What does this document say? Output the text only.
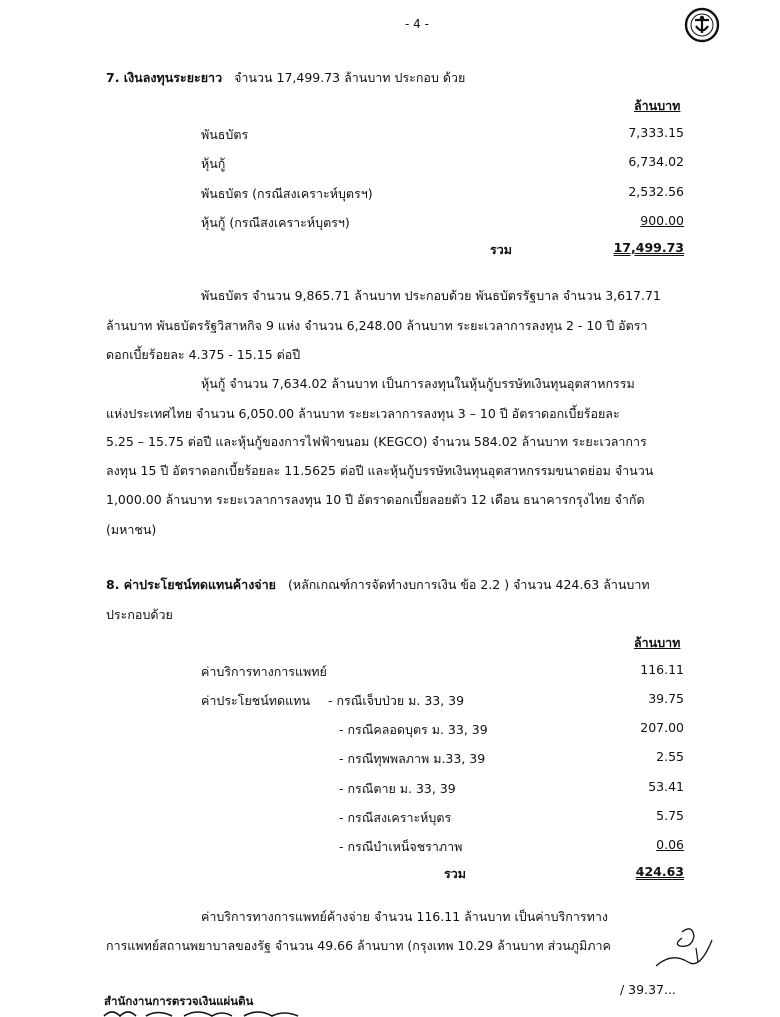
- 4 -
7. เงินลงทุนระยะยาว จำนวน 17,499.73 ล้านบาท ประกอบ ด้วย
ล้านบาท
พันธบัตร	7,333.15
หุ้นกู้	6,734.02
พันธบัตร (กรณีสงเคราะห์บุตรฯ)	2,532.56
หุ้นกู้ (กรณีสงเคราะห์บุตรฯ)	900.00
รวม	17,499.73
พันธบัตร จำนวน 9,865.71 ล้านบาท ประกอบด้วย พันธบัตรรัฐบาล จำนวน 3,617.71
ล้านบาท พันธบัตรรัฐวิสาหกิจ 9 แห่ง จำนวน 6,248.00 ล้านบาท ระยะเวลาการลงทุน 2 - 10 ปี อัตรา
ดอกเบี้ยร้อยละ 4.375 - 15.15 ต่อปี
หุ้นกู้ จำนวน 7,634.02 ล้านบาท เป็นการลงทุนในหุ้นกู้บรรษัทเงินทุนอุตสาหกรรม
แห่งประเทศไทย จำนวน 6,050.00 ล้านบาท ระยะเวลาการลงทุน 3 – 10 ปี อัตราดอกเบี้ยร้อยละ
5.25 – 15.75 ต่อปี และหุ้นกู้ของการไฟฟ้าขนอม (KEGCO) จำนวน 584.02 ล้านบาท ระยะเวลาการ
ลงทุน 15 ปี อัตราดอกเบี้ยร้อยละ 11.5625 ต่อปี และหุ้นกู้บรรษัทเงินทุนอุตสาหกรรมขนาดย่อม จำนวน
1,000.00 ล้านบาท ระยะเวลาการลงทุน 10 ปี อัตราดอกเบี้ยลอยตัว 12 เดือน ธนาคารกรุงไทย จำกัด
(มหาชน)
8. ค่าประโยชน์ทดแทนค้างจ่าย (หลักเกณฑ์การจัดทำงบการเงิน ข้อ 2.2 ) จำนวน 424.63 ล้านบาท
ประกอบด้วย
ล้านบาท
ค่าบริการทางการแพทย์	116.11
ค่าประโยชน์ทดแทน - กรณีเจ็บป่วย ม. 33, 39	39.75
- กรณีคลอดบุตร ม. 33, 39	207.00
- กรณีทุพพลภาพ ม.33, 39	2.55
- กรณีตาย ม. 33, 39	53.41
- กรณีสงเคราะห์บุตร	5.75
- กรณีบำเหน็จชราภาพ	0.06
รวม	424.63
ค่าบริการทางการแพทย์ค้างจ่าย จำนวน 116.11 ล้านบาท เป็นค่าบริการทาง
การแพทย์สถานพยาบาลของรัฐ จำนวน 49.66 ล้านบาท (กรุงเทพ 10.29 ล้านบาท ส่วนภูมิภาค
/ 39.37...
สำนักงานการตรวจเงินแผ่นดิน
